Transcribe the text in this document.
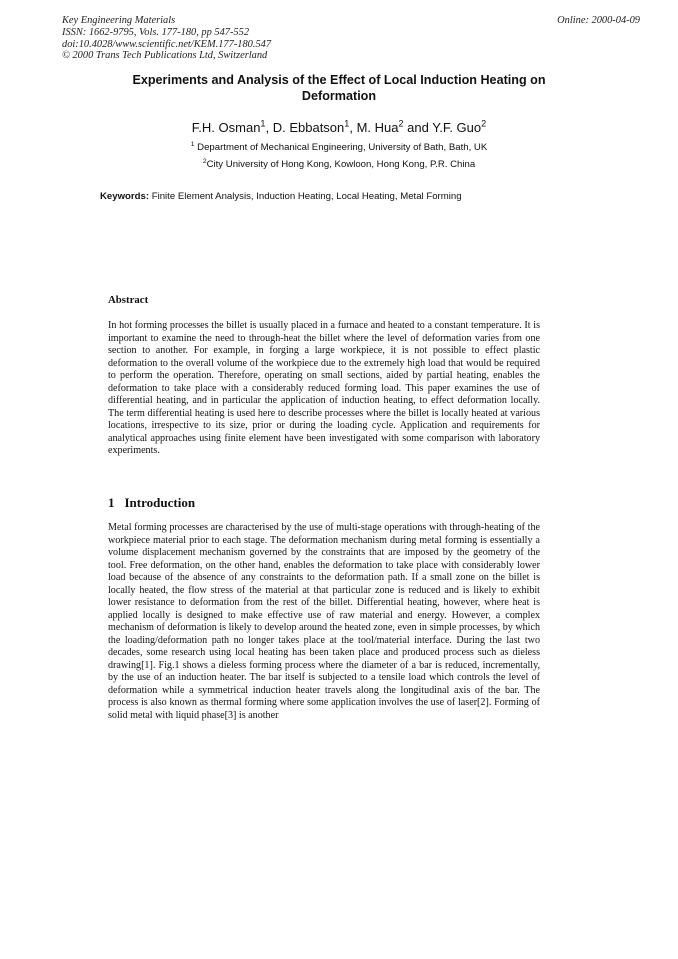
Key Engineering Materials
ISSN: 1662-9795, Vols. 177-180, pp 547-552
doi:10.4028/www.scientific.net/KEM.177-180.547
© 2000 Trans Tech Publications Ltd, Switzerland
Online: 2000-04-09
Experiments and Analysis of the Effect of Local Induction Heating on Deformation
F.H. Osman$^1$, D. Ebbatson$^1$, M. Hua$^2$ and Y.F. Guo$^2$
$^1$ Department of Mechanical Engineering, University of Bath, Bath, UK
$^2$City University of Hong Kong, Kowloon, Hong Kong, P.R. China
Keywords: Finite Element Analysis, Induction Heating, Local Heating, Metal Forming
Abstract
In hot forming processes the billet is usually placed in a furnace and heated to a constant temperature. It is important to examine the need to through-heat the billet where the level of deformation varies from one section to another. For example, in forging a large workpiece, it is not possible to effect plastic deformation to the overall volume of the workpiece due to the extremely high load that would be required to perform the operation. Therefore, operating on small sections, aided by partial heating, enables the deformation to take place with a considerably reduced forming load. This paper examines the use of differential heating, and in particular the application of induction heating, to effect deformation locally. The term differential heating is used here to describe processes where the billet is locally heated at various locations, irrespective to its size, prior or during the loading cycle. Application and requirements for analytical approaches using finite element have been investigated with some comparison with laboratory experiments.
1 Introduction
Metal forming processes are characterised by the use of multi-stage operations with through-heating of the workpiece material prior to each stage. The deformation mechanism during metal forming is essentially a volume displacement mechanism governed by the constraints that are imposed by the geometry of the tool. Free deformation, on the other hand, enables the deformation to take place with considerably lower load because of the absence of any constraints to the deformation path. If a small zone on the billet is locally heated, the flow stress of the material at that particular zone is reduced and is likely to exhibit lower resistance to deformation from the rest of the billet. Differential heating, however, where heat is applied locally is designed to make effective use of raw material and energy. However, a complex mechanism of deformation is likely to develop around the heated zone, even in simple processes, by which the loading/deformation path no longer takes place at the tool/material interface. During the last two decades, some research using local heating has been taken place and produced process such as dieless drawing[1]. Fig.1 shows a dieless forming process where the diameter of a bar is reduced, incrementally, by the use of an induction heater. The bar itself is subjected to a tensile load which controls the level of deformation while a symmetrical induction heater travels along the longitudinal axis of the bar. The process is also known as thermal forming where some application involves the use of laser[2]. Forming of solid metal with liquid phase[3] is another
